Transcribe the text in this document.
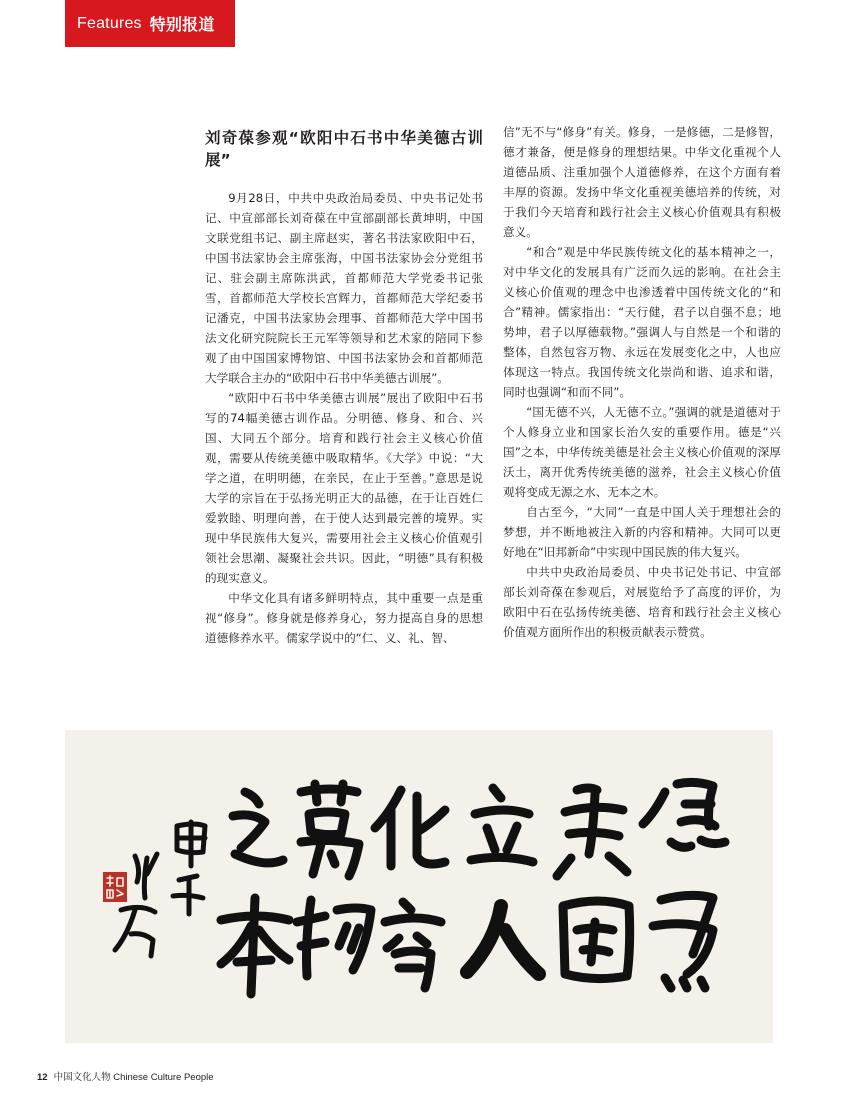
Features 特别报道
刘奇葆参观“欧阳中石书中华美德古训展”

9月28日，中共中央政治局委员、中央书记处书记、中宣部部长刘奇葆在中宣部副部长黄坤明，中国文联党组书记、副主席赵实，著名书法家欧阳中石，中国书法家协会主席张海，中国书法家协会分党组书记、驻会副主席陈洪武，首都师范大学党委书记张雪，首都师范大学校长宫辉力，首都师范大学纪委书记潘克，中国书法家协会理事、首都师范大学中国书法文化研究院院长王元军等领导和艺术家的陪同下参观了由中国国家博物馆、中国书法家协会和首都师范大学联合主办的“欧阳中石书中华美德古训展”。

“欧阳中石书中华美德古训展”展出了欧阳中石书写的74幅美德古训作品。分明德、修身、和合、兴国、大同五个部分。培育和践行社会主义核心价值观，需要从传统美德中吸取精华。《大学》中说：“大学之道，在明明德，在亲民，在止于至善。”意思是说大学的宗旨在于弘扬光明正大的品德，在于让百姓仁爱敦睦、明理向善，在于使人达到最完善的境界。实现中华民族伟大复兴，需要用社会主义核心价值观引领社会思潮、凝聚社会共识。因此，“明德”具有积极的现实意义。

中华文化具有诸多鲜明特点，其中重要一点是重视“修身”。修身就是修养身心，努力提高自身的思想道德修养水平。儒家学说中的“仁、义、礼、智、

信”无不与“修身”有关。修身，一是修德，二是修智，德才兼备，便是修身的理想结果。中华文化重视个人道德品质、注重加强个人道德修养，在这个方面有着丰厚的资源。发扬中华文化重视美德培养的传统，对于我们今天培育和践行社会主义核心价值观具有积极意义。

“和合”观是中华民族传统文化的基本精神之一，对中华文化的发展具有广泛而久远的影响。在社会主义核心价值观的理念中也渗透着中国传统文化的“和合”精神。儒家指出：“天行健，君子以自强不息；地势坤，君子以厚德载物。”强调人与自然是一个和谐的整体，自然包容万物、永远在发展变化之中，人也应体现这一特点。我国传统文化崇尚和谐、追求和谐，同时也强调“和而不同”。

“国无德不兴，人无德不立。”强调的就是道德对于个人修身立业和国家长治久安的重要作用。德是“兴国”之本，中华传统美德是社会主义核心价值观的深厚沃土，离开优秀传统美德的滋养，社会主义核心价值观将变成无源之水、无本之木。

自古至今，“大同”一直是中国人关于理想社会的梦想，并不断地被注入新的内容和精神。大同可以更好地在“旧邦新命”中实现中国民族的伟大复兴。

中共中央政治局委员、中央书记处书记、中宣部部长刘奇葆在参观后，对展览给予了高度的评价，为欧阳中石在弘扬传统美德、培育和践行社会主义核心价值观方面所作出的积极贡献表示赞赏。

12 中国文化人物 Chinese Culture People
